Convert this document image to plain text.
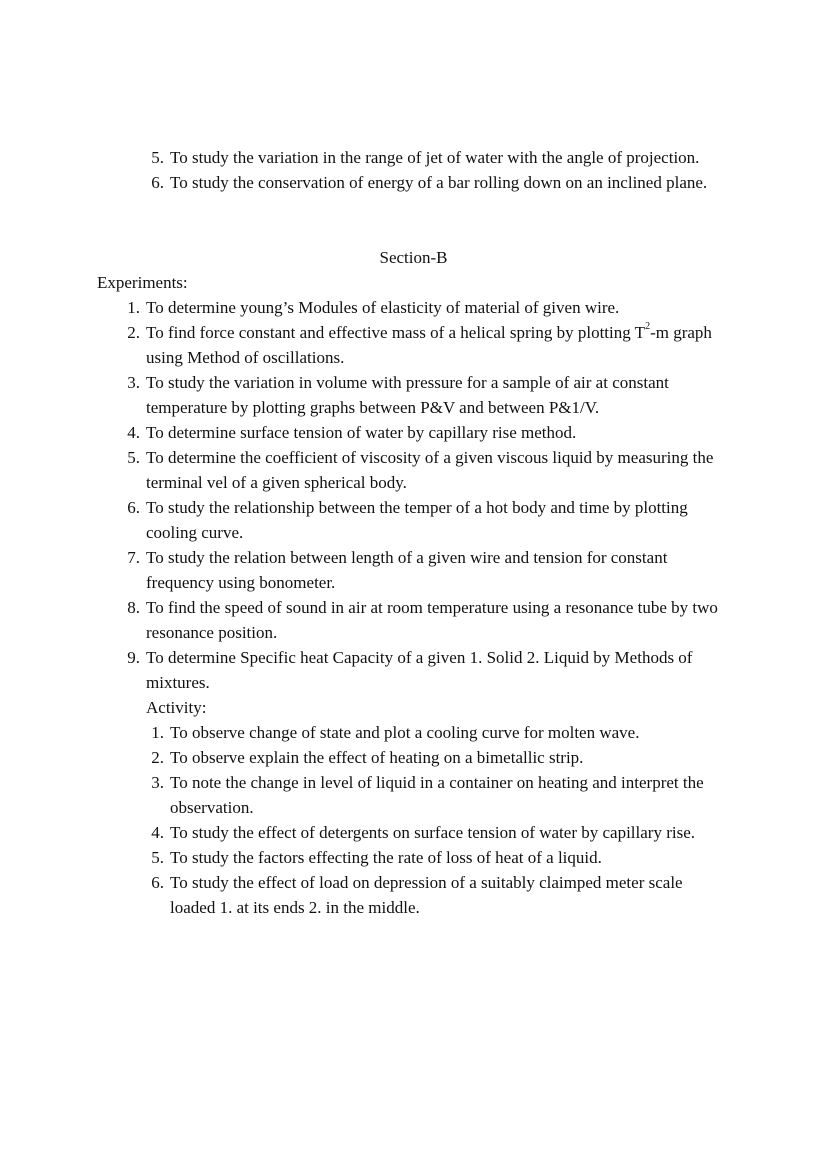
5. To study the variation in the range of jet of water with the angle of projection.
6. To study the conservation of energy of a bar rolling down on an inclined plane.
Section-B
Experiments:
1. To determine young’s Modules of elasticity of material of given wire.
2. To find force constant and effective mass of a helical spring by plotting $T^2-m$ graph using Method of oscillations.
3. To study the variation in volume with pressure for a sample of air at constant temperature by plotting graphs between P&V and between P&1/V.
4. To determine surface tension of water by capillary rise method.
5. To determine the coefficient of viscosity of a given viscous liquid by measuring the terminal vel of a given spherical body.
6. To study the relationship between the temper of a hot body and time by plotting cooling curve.
7. To study the relation between length of a given wire and tension for constant frequency using bonometer.
8. To find the speed of sound in air at room temperature using a resonance tube by two resonance position.
9. To determine Specific heat Capacity of a given 1. Solid 2. Liquid by Methods of mixtures.
Activity:
1. To observe change of state and plot a cooling curve for molten wave.
2. To observe explain the effect of heating on a bimetallic strip.
3. To note the change in level of liquid in a container on heating and interpret the observation.
4. To study the effect of detergents on surface tension of water by capillary rise.
5. To study the factors effecting the rate of loss of heat of a liquid.
6. To study the effect of load on depression of a suitably claimped meter scale loaded 1. at its ends 2. in the middle.
